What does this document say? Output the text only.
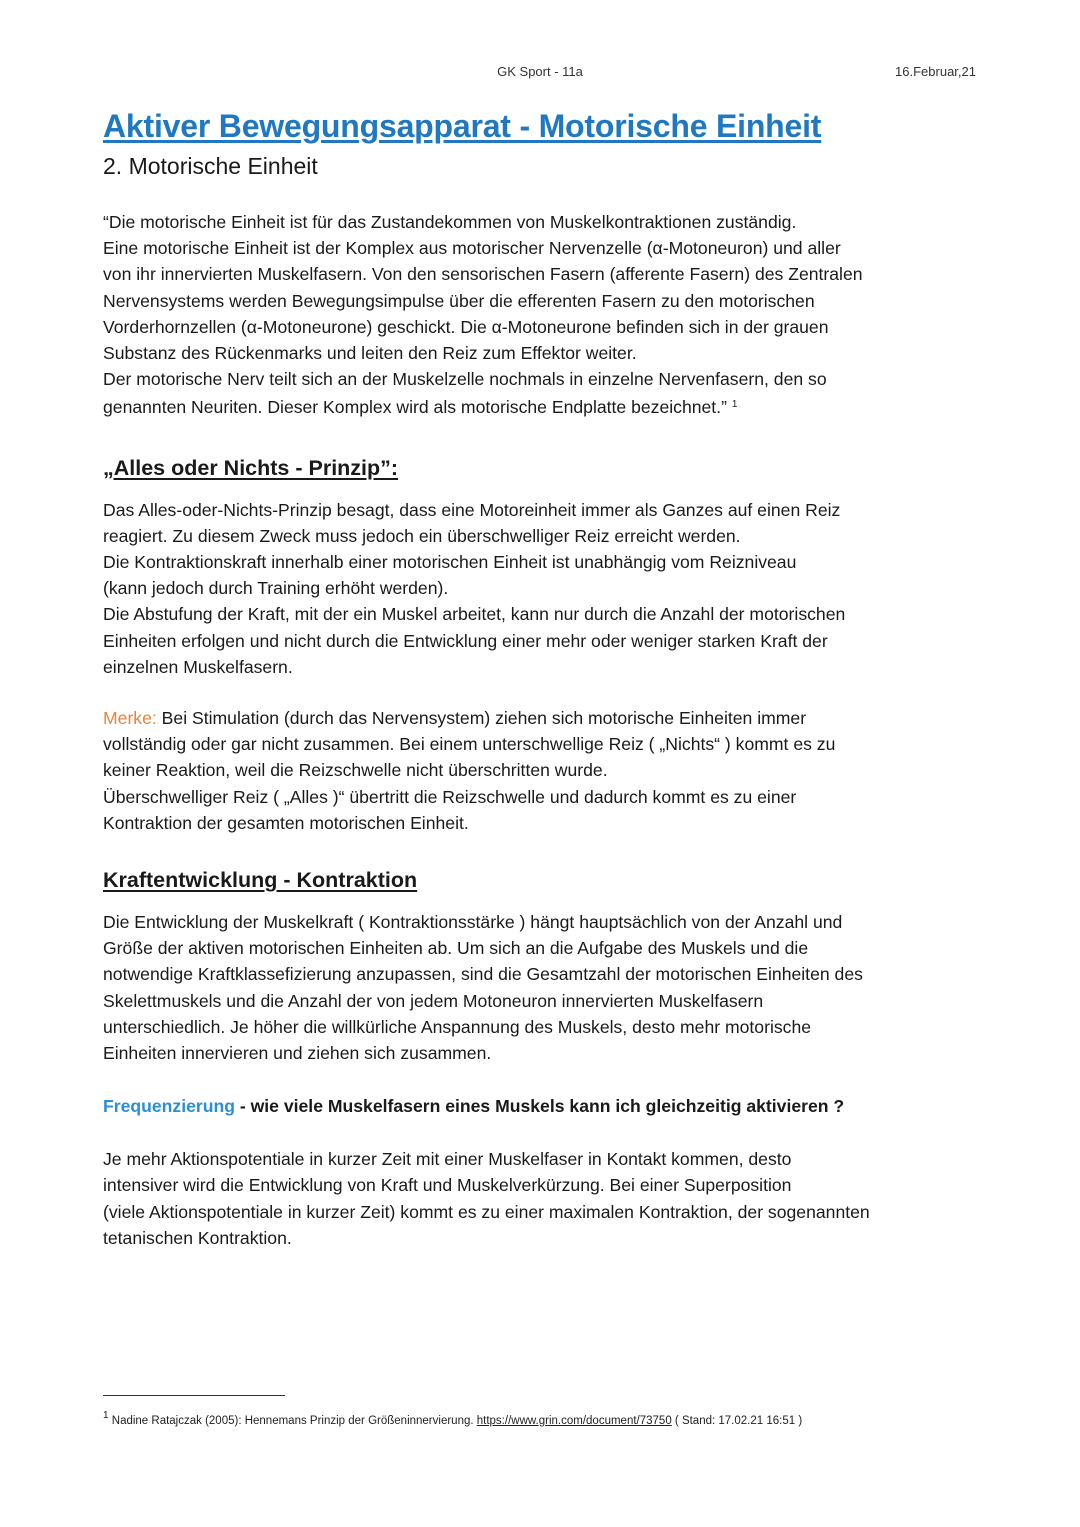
GK Sport - 11a	16.Februar,21
Aktiver Bewegungsapparat - Motorische Einheit
2. Motorische Einheit

“Die motorische Einheit ist für das Zustandekommen von Muskelkontraktionen zuständig.
Eine motorische Einheit ist der Komplex aus motorischer Nervenzelle (α-Motoneuron) und aller
von ihr innervierten Muskelfasern. Von den sensorischen Fasern (afferente Fasern) des Zentralen
Nervensystems werden Bewegungsimpulse über die efferenten Fasern zu den motorischen
Vorderhornzellen (α-Motoneurone) geschickt. Die α-Motoneurone befinden sich in der grauen
Substanz des Rückenmarks und leiten den Reiz zum Effektor weiter.
Der motorische Nerv teilt sich an der Muskelzelle nochmals in einzelne Nervenfasern, den so
genannten Neuriten. Dieser Komplex wird als motorische Endplatte bezeichnet.” $^1$

„Alles oder Nichts - Prinzip”:

Das Alles-oder-Nichts-Prinzip besagt, dass eine Motoreinheit immer als Ganzes auf einen Reiz
reagiert. Zu diesem Zweck muss jedoch ein überschwelliger Reiz erreicht werden.
Die Kontraktionskraft innerhalb einer motorischen Einheit ist unabhängig vom Reizniveau
(kann jedoch durch Training erhöht werden).
Die Abstufung der Kraft, mit der ein Muskel arbeitet, kann nur durch die Anzahl der motorischen
Einheiten erfolgen und nicht durch die Entwicklung einer mehr oder weniger starken Kraft der
einzelnen Muskelfasern.

Merke: Bei Stimulation (durch das Nervensystem) ziehen sich motorische Einheiten immer
vollständig oder gar nicht zusammen. Bei einem unterschwellige Reiz ( „Nichts“ ) kommt es zu
keiner Reaktion, weil die Reizschwelle nicht überschritten wurde.
Überschwelliger Reiz ( „Alles )“ übertritt die Reizschwelle und dadurch kommt es zu einer
Kontraktion der gesamten motorischen Einheit.

Kraftentwicklung - Kontraktion

Die Entwicklung der Muskelkraft ( Kontraktionsstärke ) hängt hauptsächlich von der Anzahl und
Größe der aktiven motorischen Einheiten ab. Um sich an die Aufgabe des Muskels und die
notwendige Kraftklassefizierung anzupassen, sind die Gesamtzahl der motorischen Einheiten des
Skelettmuskels und die Anzahl der von jedem Motoneuron innervierten Muskelfasern
unterschiedlich. Je höher die willkürliche Anspannung des Muskels, desto mehr motorische
Einheiten innervieren und ziehen sich zusammen.

Frequenzierung - wie viele Muskelfasern eines Muskels kann ich gleichzeitig aktivieren ?

Je mehr Aktionspotentiale in kurzer Zeit mit einer Muskelfaser in Kontakt kommen, desto
intensiver wird die Entwicklung von Kraft und Muskelverkürzung. Bei einer Superposition
(viele Aktionspotentiale in kurzer Zeit) kommt es zu einer maximalen Kontraktion, der sogenannten
tetanischen Kontraktion.

$^1$ Nadine Ratajczak (2005): Hennemans Prinzip der Größeninnervierung. https://www.grin.com/document/73750 ( Stand: 17.02.21 16:51 )
